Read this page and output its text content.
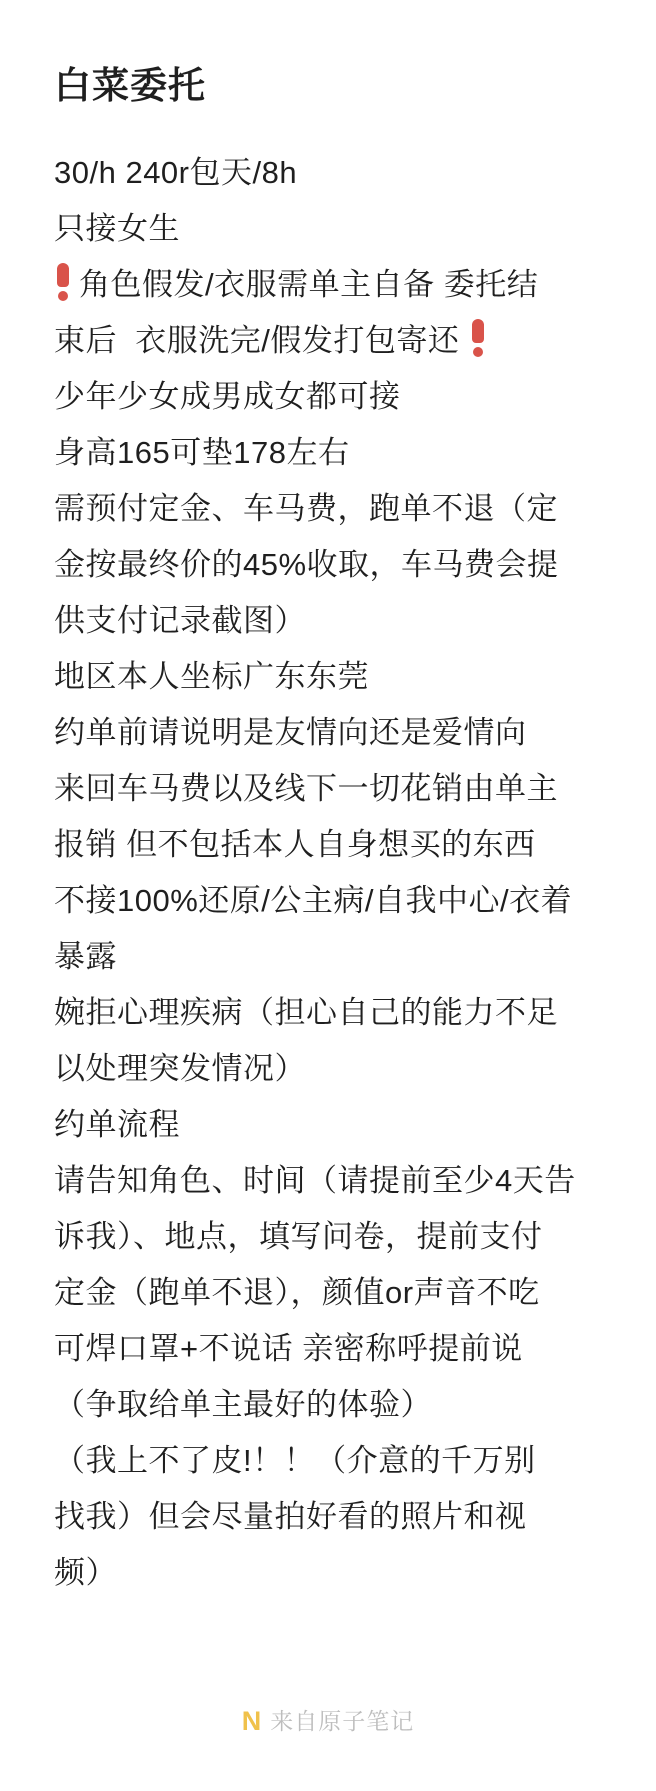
白菜委托
30/h 240r包天/8h
只接女生
角色假发/衣服需单主自备 委托结
束后  衣服洗完/假发打包寄还
少年少女成男成女都可接
身高165可垫178左右
需预付定金、车马费，跑单不退（定
金按最终价的45%收取，车马费会提
供支付记录截图）
地区本人坐标广东东莞
约单前请说明是友情向还是爱情向
来回车马费以及线下一切花销由单主
报销 但不包括本人自身想买的东西
不接100%还原/公主病/自我中心/衣着
暴露
婉拒心理疾病（担心自己的能力不足
以处理突发情况）
约单流程
请告知角色、时间（请提前至少4天告
诉我）、地点，填写问卷，提前支付
定金（跑单不退），颜值or声音不吃
可焊口罩+不说话 亲密称呼提前说
（争取给单主最好的体验）
（我上不了皮!！！（介意的千万别
找我）但会尽量拍好看的照片和视
频）
N 来自原子笔记
